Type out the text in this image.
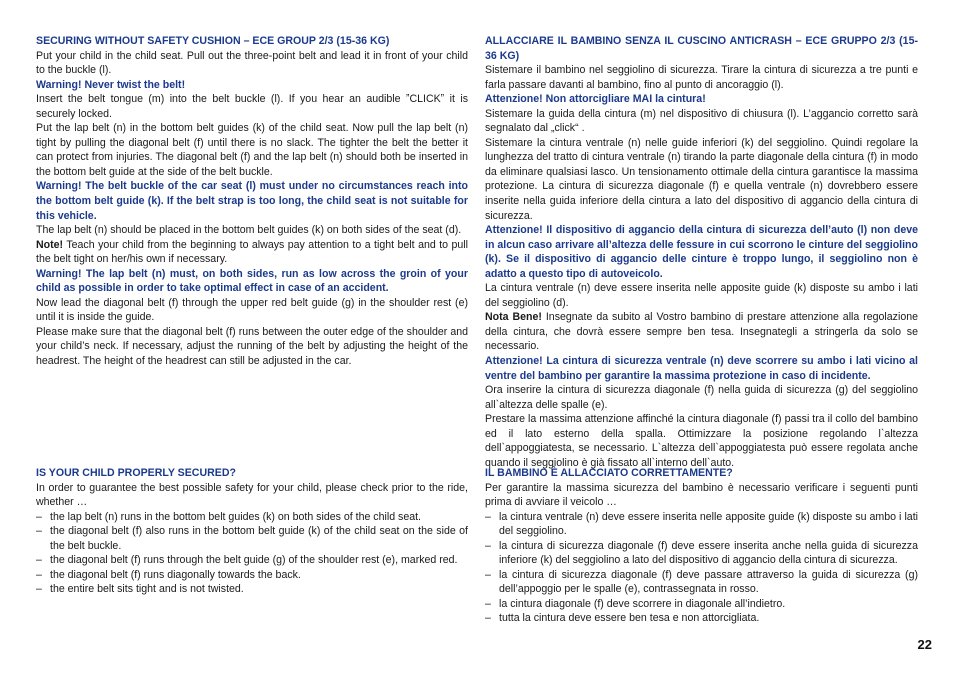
SECURING WITHOUT SAFETY CUSHION – ECE GROUP 2/3 (15-36 KG)

Put your child in the child seat. Pull out the three-point belt and lead it in front of your child to the buckle (l).

Warning! Never twist the belt!

Insert the belt tongue (m) into the belt buckle (l). If you hear an audible ˮCLICKˮ it is securely locked.

Put the lap belt (n) in the bottom belt guides (k) of the child seat. Now pull the lap belt (n) tight by pulling the diagonal belt (f) until there is no slack. The tighter the belt the better it can protect from injuries. The diagonal belt (f) and the lap belt (n) should both be inserted in the bottom belt guide at the side of the belt buckle.

Warning! The belt buckle of the car seat (l) must under no circumstances reach into the bottom belt guide (k). If the belt strap is too long, the child seat is not suitable for this vehicle.

The lap belt (n) should be placed in the bottom belt guides (k) on both sides of the seat (d).

Note! Teach your child from the beginning to always pay attention to a tight belt and to pull the belt tight on her/his own if necessary.

Warning! The lap belt (n) must, on both sides, run as low across the groin of your child as possible in order to take optimal effect in case of an accident.

Now lead the diagonal belt (f) through the upper red belt guide (g) in the shoulder rest (e) until it is inside the guide.

Please make sure that the diagonal belt (f) runs between the outer edge of the shoulder and your child’s neck. If necessary, adjust the running of the belt by adjusting the height of the headrest. The height of the headrest can still be adjusted in the car.

ALLACCIARE IL BAMBINO SENZA IL CUSCINO ANTICRASH – ECE GRUPPO 2/3 (15-36 KG)

Sistemare il bambino nel seggiolino di sicurezza. Tirare la cintura di sicurezza a tre punti e farla passare davanti al bambino, fino al punto di ancoraggio (l).

Attenzione! Non attorcigliare MAI la cintura!

Sistemare la guida della cintura (m) nel dispositivo di chiusura (l). L’aggancio corretto sarà segnalato dal „click“ .

Sistemare la cintura ventrale (n) nelle guide inferiori (k) del seggiolino. Quindi regolare la lunghezza del tratto di cintura ventrale (n) tirando la parte diagonale della cintura (f) in modo da eliminare qualsiasi lasco. Un tensionamento ottimale della cintura garantisce la massima protezione. La cintura di sicurezza diagonale (f) e quella ventrale (n) dovrebbero essere inserite nella guida inferiore della cintura a lato del dispositivo di aggancio della cintura di sicurezza.

Attenzione! Il dispositivo di aggancio della cintura di sicurezza dell’auto (l) non deve in alcun caso arrivare all’altezza delle fessure in cui scorrono le cinture del seggiolino (k). Se il dispositivo di aggancio delle cinture è troppo lungo, il seggiolino non è adatto a questo tipo di autoveicolo.

La cintura ventrale (n) deve essere inserita nelle apposite guide (k) disposte su ambo i lati del seggiolino (d).

Nota Bene! Insegnate da subito al Vostro bambino di prestare attenzione alla regolazione della cintura, che dovrà essere sempre ben tesa. Insegnategli a stringerla da solo se necessario.

Attenzione! La cintura di sicurezza ventrale (n) deve scorrere su ambo i lati vicino al ventre del bambino per garantire la massima protezione in caso di incidente.

Ora inserire la cintura di sicurezza diagonale (f) nella guida di sicurezza (g) del seggiolino all`altezza delle spalle (e).

Prestare la massima attenzione affinché la cintura diagonale (f) passi tra il collo del bambino ed il lato esterno della spalla. Ottimizzare la posizione regolando l`altezza dell`appoggiatesta, se necessario. L`altezza dell`appoggiatesta può essere regolata anche quando il seggiolino è già fissato all`interno dell`auto.

IS YOUR CHILD PROPERLY SECURED?

In order to guarantee the best possible safety for your child, please check prior to the ride, whether …

– the lap belt (n) runs in the bottom belt guides (k) on both sides of the child seat.
– the diagonal belt (f) also runs in the bottom belt guide (k) of the child seat on the side of the belt buckle.
– the diagonal belt (f) runs through the belt guide (g) of the shoulder rest (e), marked red.
– the diagonal belt (f) runs diagonally towards the back.
– the entire belt sits tight and is not twisted.

IL BAMBINO È ALLACCIATO CORRETTAMENTE?

Per garantire la massima sicurezza del bambino è necessario verificare i seguenti punti prima di avviare il veicolo …

– la cintura ventrale (n) deve essere inserita nelle apposite guide (k) disposte su ambo i lati del seggiolino.
– la cintura di sicurezza diagonale (f) deve essere inserita anche nella guida di sicurezza inferiore (k) del seggiolino a lato del dispositivo di aggancio della cintura di sicurezza.
– la cintura di sicurezza diagonale (f) deve passare attraverso la guida di sicurezza (g) dell’appoggio per le spalle (e), contrassegnata in rosso.
– la cintura diagonale (f) deve scorrere in diagonale all’indietro.
– tutta la cintura deve essere ben tesa e non attorcigliata.
22
